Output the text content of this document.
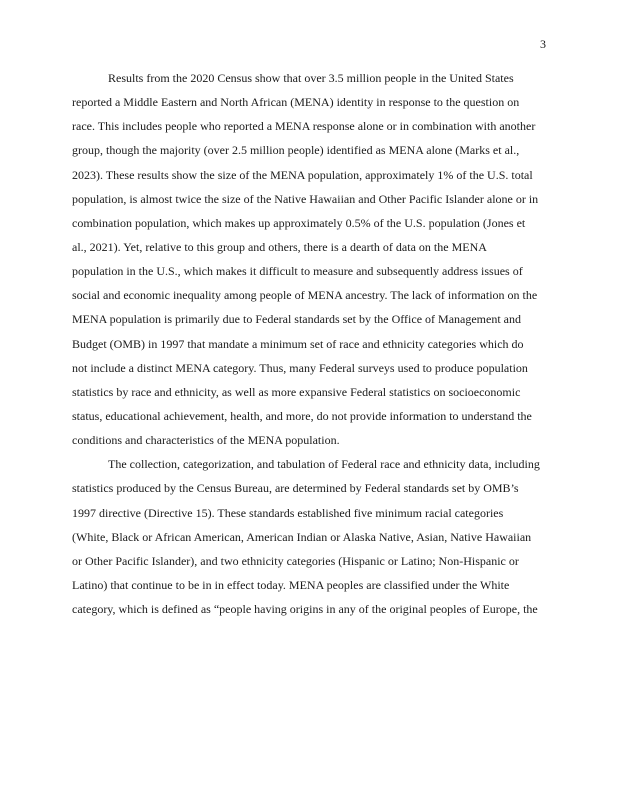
3
Results from the 2020 Census show that over 3.5 million people in the United States
reported a Middle Eastern and North African (MENA) identity in response to the question on
race. This includes people who reported a MENA response alone or in combination with another
group, though the majority (over 2.5 million people) identified as MENA alone (Marks et al.,
2023). These results show the size of the MENA population, approximately 1% of the U.S. total
population, is almost twice the size of the Native Hawaiian and Other Pacific Islander alone or in
combination population, which makes up approximately 0.5% of the U.S. population (Jones et
al., 2021). Yet, relative to this group and others, there is a dearth of data on the MENA
population in the U.S., which makes it difficult to measure and subsequently address issues of
social and economic inequality among people of MENA ancestry. The lack of information on the
MENA population is primarily due to Federal standards set by the Office of Management and
Budget (OMB) in 1997 that mandate a minimum set of race and ethnicity categories which do
not include a distinct MENA category. Thus, many Federal surveys used to produce population
statistics by race and ethnicity, as well as more expansive Federal statistics on socioeconomic
status, educational achievement, health, and more, do not provide information to understand the
conditions and characteristics of the MENA population.
The collection, categorization, and tabulation of Federal race and ethnicity data, including
statistics produced by the Census Bureau, are determined by Federal standards set by OMB’s
1997 directive (Directive 15). These standards established five minimum racial categories
(White, Black or African American, American Indian or Alaska Native, Asian, Native Hawaiian
or Other Pacific Islander), and two ethnicity categories (Hispanic or Latino; Non-Hispanic or
Latino) that continue to be in in effect today. MENA peoples are classified under the White
category, which is defined as “people having origins in any of the original peoples of Europe, the
